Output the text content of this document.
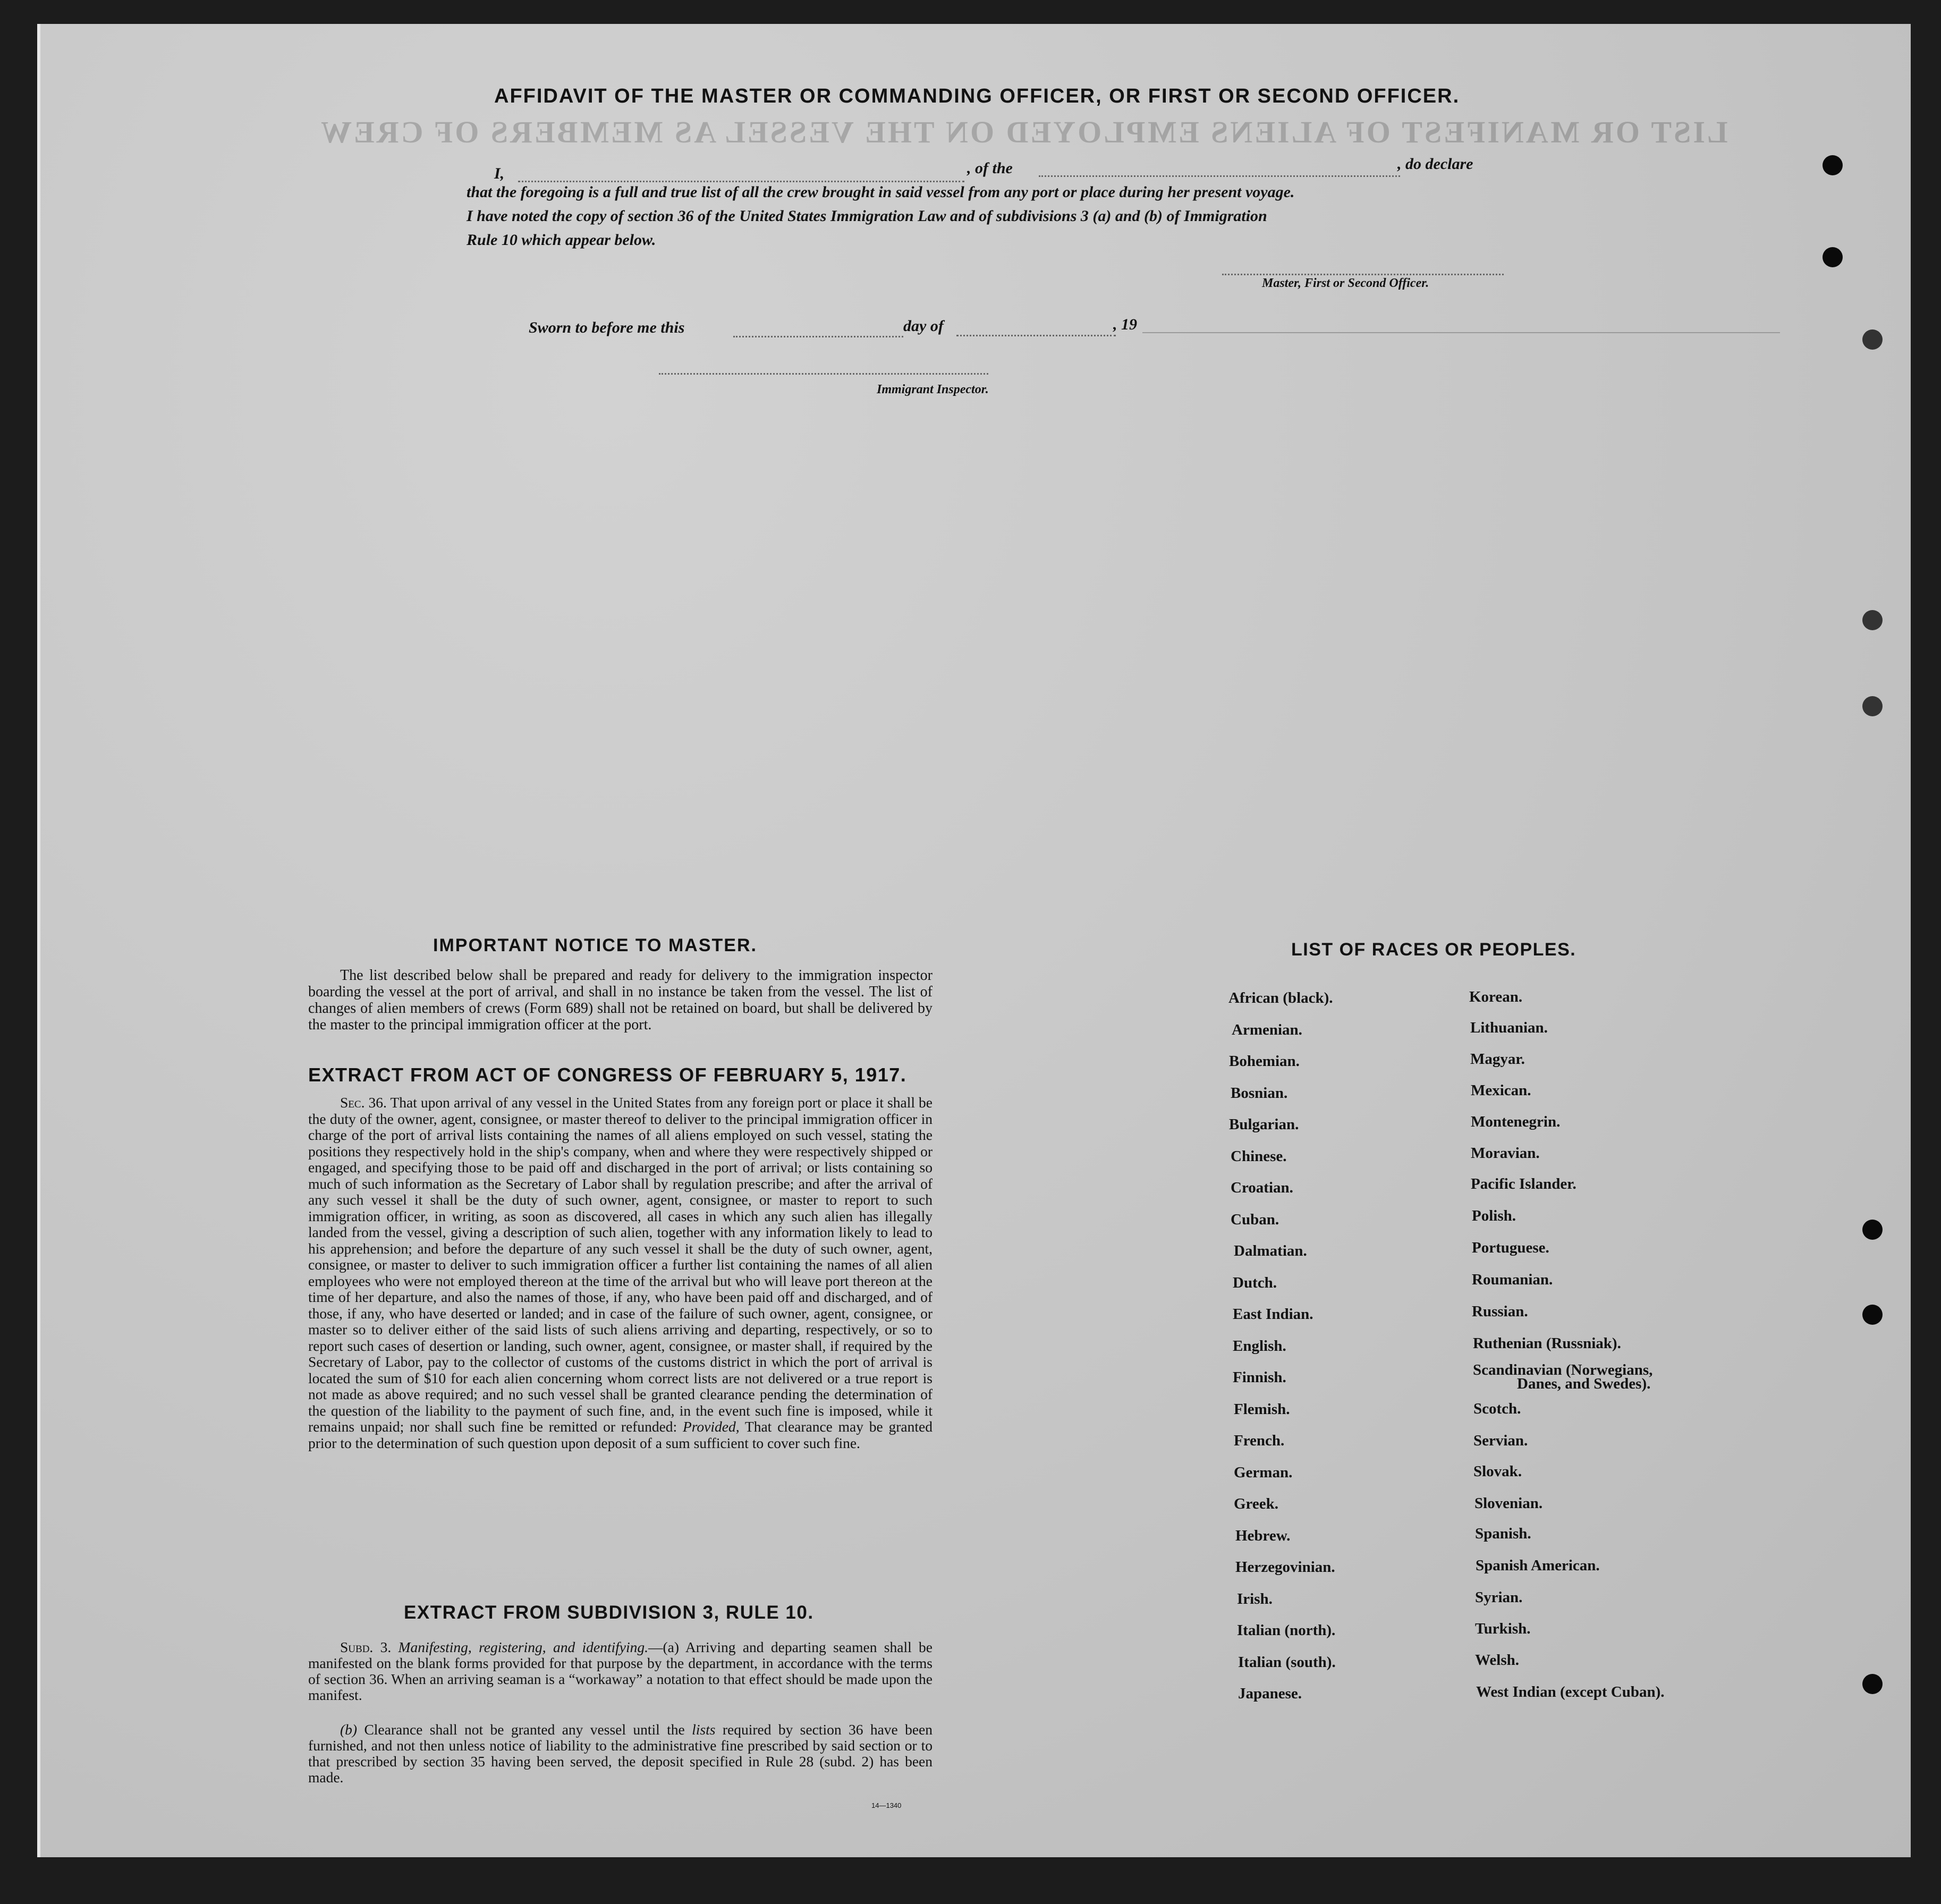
LIST OR MANIFEST OF ALIENS EMPLOYED ON THE VESSEL AS MEMBERS OF CREW
AFFIDAVIT OF THE MASTER OR COMMANDING OFFICER, OR FIRST OR SECOND OFFICER.
I,	, of the	, do declare
that the foregoing is a full and true list of all the crew brought in said vessel from any port or place during her present voyage.
I have noted the copy of section 36 of the United States Immigration Law and of subdivisions 3 (a) and (b) of Immigration
Rule 10 which appear below.
Master, First or Second Officer.
Sworn to before me this	day of	, 19
Immigrant Inspector.
IMPORTANT NOTICE TO MASTER.
The list described below shall be prepared and ready for delivery to the immigration inspector boarding the vessel at the port of arrival, and shall in no instance be taken from the vessel. The list of changes of alien members of crews (Form 689) shall not be retained on board, but shall be delivered by the master to the principal immigration officer at the port.
EXTRACT FROM ACT OF CONGRESS OF FEBRUARY 5, 1917.
Sec. 36. That upon arrival of any vessel in the United States from any foreign port or place it shall be the duty of the owner, agent, consignee, or master thereof to deliver to the principal immigration officer in charge of the port of arrival lists containing the names of all aliens employed on such vessel, stating the positions they respectively hold in the ship's company, when and where they were respectively shipped or engaged, and specifying those to be paid off and discharged in the port of arrival; or lists containing so much of such information as the Secretary of Labor shall by regulation prescribe; and after the arrival of any such vessel it shall be the duty of such owner, agent, consignee, or master to report to such immigration officer, in writing, as soon as discovered, all cases in which any such alien has illegally landed from the vessel, giving a description of such alien, together with any information likely to lead to his apprehension; and before the departure of any such vessel it shall be the duty of such owner, agent, consignee, or master to deliver to such immigration officer a further list containing the names of all alien employees who were not employed thereon at the time of the arrival but who will leave port thereon at the time of her departure, and also the names of those, if any, who have been paid off and discharged, and of those, if any, who have deserted or landed; and in case of the failure of such owner, agent, consignee, or master so to deliver either of the said lists of such aliens arriving and departing, respectively, or so to report such cases of desertion or landing, such owner, agent, consignee, or master shall, if required by the Secretary of Labor, pay to the collector of customs of the customs district in which the port of arrival is located the sum of $10 for each alien concerning whom correct lists are not delivered or a true report is not made as above required; and no such vessel shall be granted clearance pending the determination of the question of the liability to the payment of such fine, and, in the event such fine is imposed, while it remains unpaid; nor shall such fine be remitted or refunded: Provided, That clearance may be granted prior to the determination of such question upon deposit of a sum sufficient to cover such fine.
EXTRACT FROM SUBDIVISION 3, RULE 10.
Subd. 3. Manifesting, registering, and identifying.—(a) Arriving and departing seamen shall be manifested on the blank forms provided for that purpose by the department, in accordance with the terms of section 36. When an arriving seaman is a “workaway” a notation to that effect should be made upon the manifest.
(b) Clearance shall not be granted any vessel until the lists required by section 36 have been furnished, and not then unless notice of liability to the administrative fine prescribed by said section or to that prescribed by section 35 having been served, the deposit specified in Rule 28 (subd. 2) has been made.
14—1340
LIST OF RACES OR PEOPLES.
African (black).
Armenian.
Bohemian.
Bosnian.
Bulgarian.
Chinese.
Croatian.
Cuban.
Dalmatian.
Dutch.
East Indian.
English.
Finnish.
Flemish.
French.
German.
Greek.
Hebrew.
Herzegovinian.
Irish.
Italian (north).
Italian (south).
Japanese.
Korean.
Lithuanian.
Magyar.
Mexican.
Montenegrin.
Moravian.
Pacific Islander.
Polish.
Portuguese.
Roumanian.
Russian.
Ruthenian (Russniak).
Scandinavian (Norwegians,
Scotch.
Servian.
Slovak.
Slovenian.
Spanish.
Spanish American.
Syrian.
Turkish.
Welsh.
West Indian (except Cuban).
Danes, and Swedes).
